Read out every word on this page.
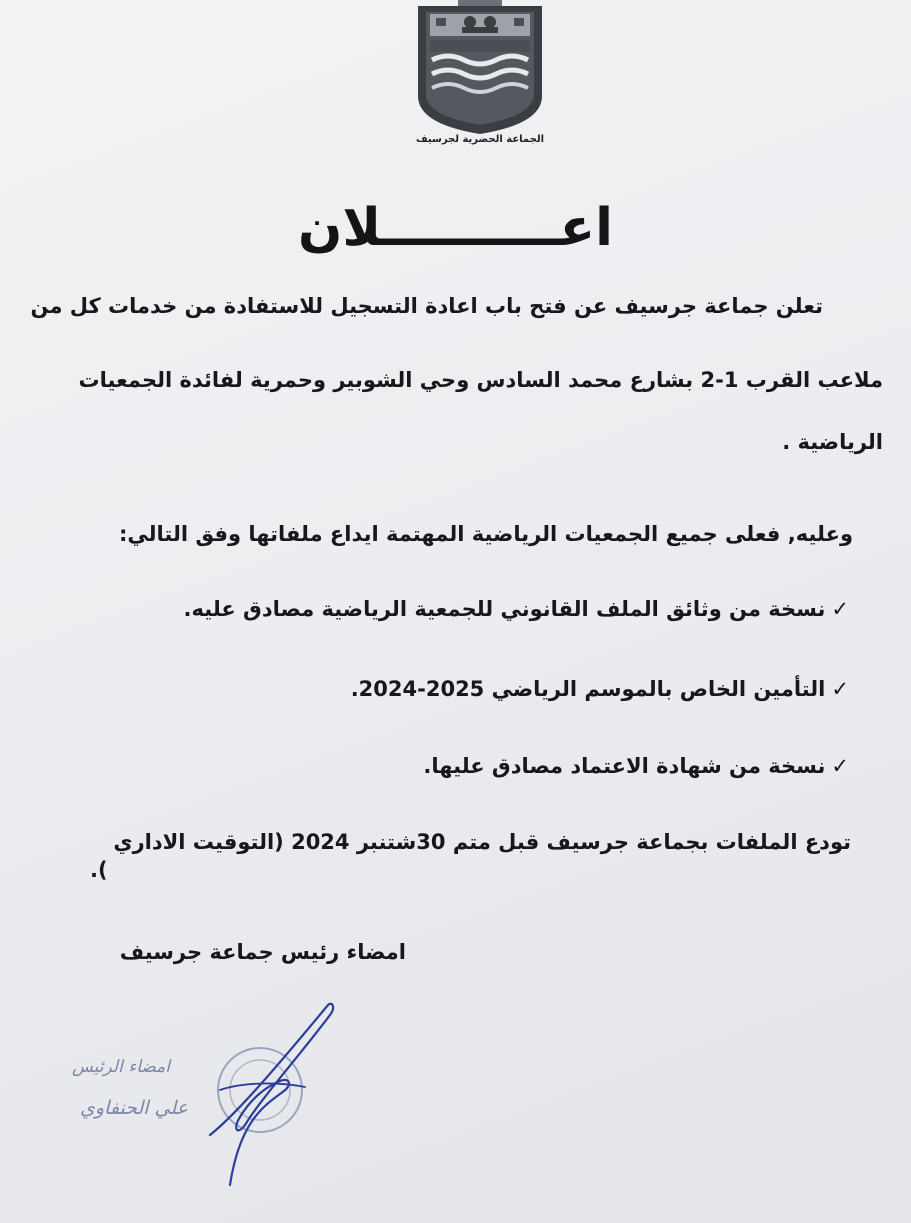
الجماعة الحضرية لجرسيف
اعــــــــــلان
تعلن جماعة جرسيف عن فتح باب اعادة التسجيل للاستفادة من خدمات كل من
ملاعب القرب 1-2 بشارع محمد السادس وحي الشوبير وحمرية لفائدة الجمعيات
الرياضية .
وعليه, فعلى جميع الجمعيات الرياضية المهتمة ايداع ملفاتها وفق التالي:
✓نسخة من وثائق الملف القانوني للجمعية الرياضية مصادق عليه.
✓التأمين الخاص بالموسم الرياضي 2025-2024.
✓نسخة من شهادة الاعتماد مصادق عليها.
تودع الملفات بجماعة جرسيف قبل متم 30شتنبر 2024 (التوقيت الاداري
).
امضاء رئيس جماعة جرسيف
امضاء الرئيس
علي الحنفاوي
